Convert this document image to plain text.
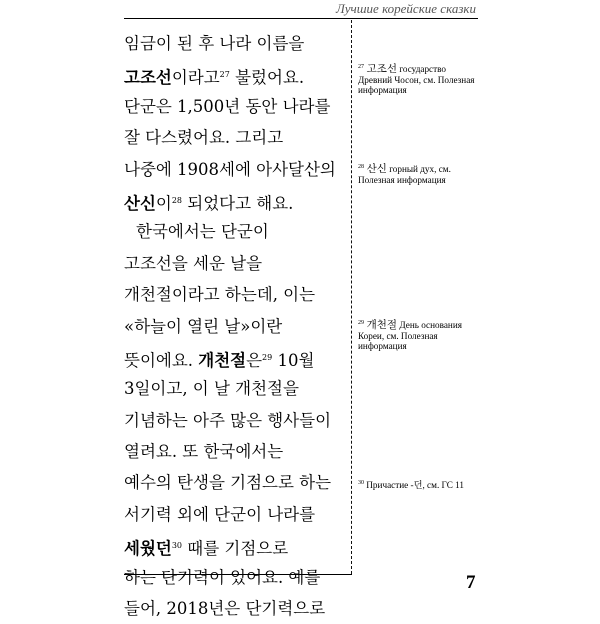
Лучшие корейские сказки
임금이 된 후 나라 이름을
고조선이라고$^{27}$ 불렀어요.
단군은 1,500년 동안 나라를
잘 다스렸어요. 그리고
나중에 1908세에 아사달산의
산신이$^{28}$ 되었다고 해요.
한국에서는 단군이
고조선을 세운 날을
개천절이라고 하는데, 이는
«하늘이 열린 날»이란
뜻이에요. 개천절은$^{29}$ 10월
3일이고, 이 날 개천절을
기념하는 아주 많은 행사들이
열려요. 또 한국에서는
예수의 탄생을 기점으로 하는
서기력 외에 단군이 나라를
세웠던$^{30}$ 때를 기점으로
하는 단기력이 있어요. 예를
들어, 2018년은 단기력으로
$^{27}$ 고조선 государство Древний Чосон, см. Полезная информация
$^{28}$ 산신 горный дух, см. Полезная информация
$^{29}$ 개천절 День основания Кореи, см. Полезная информация
$^{30}$ Причастие -던, см. ГС 11
7
